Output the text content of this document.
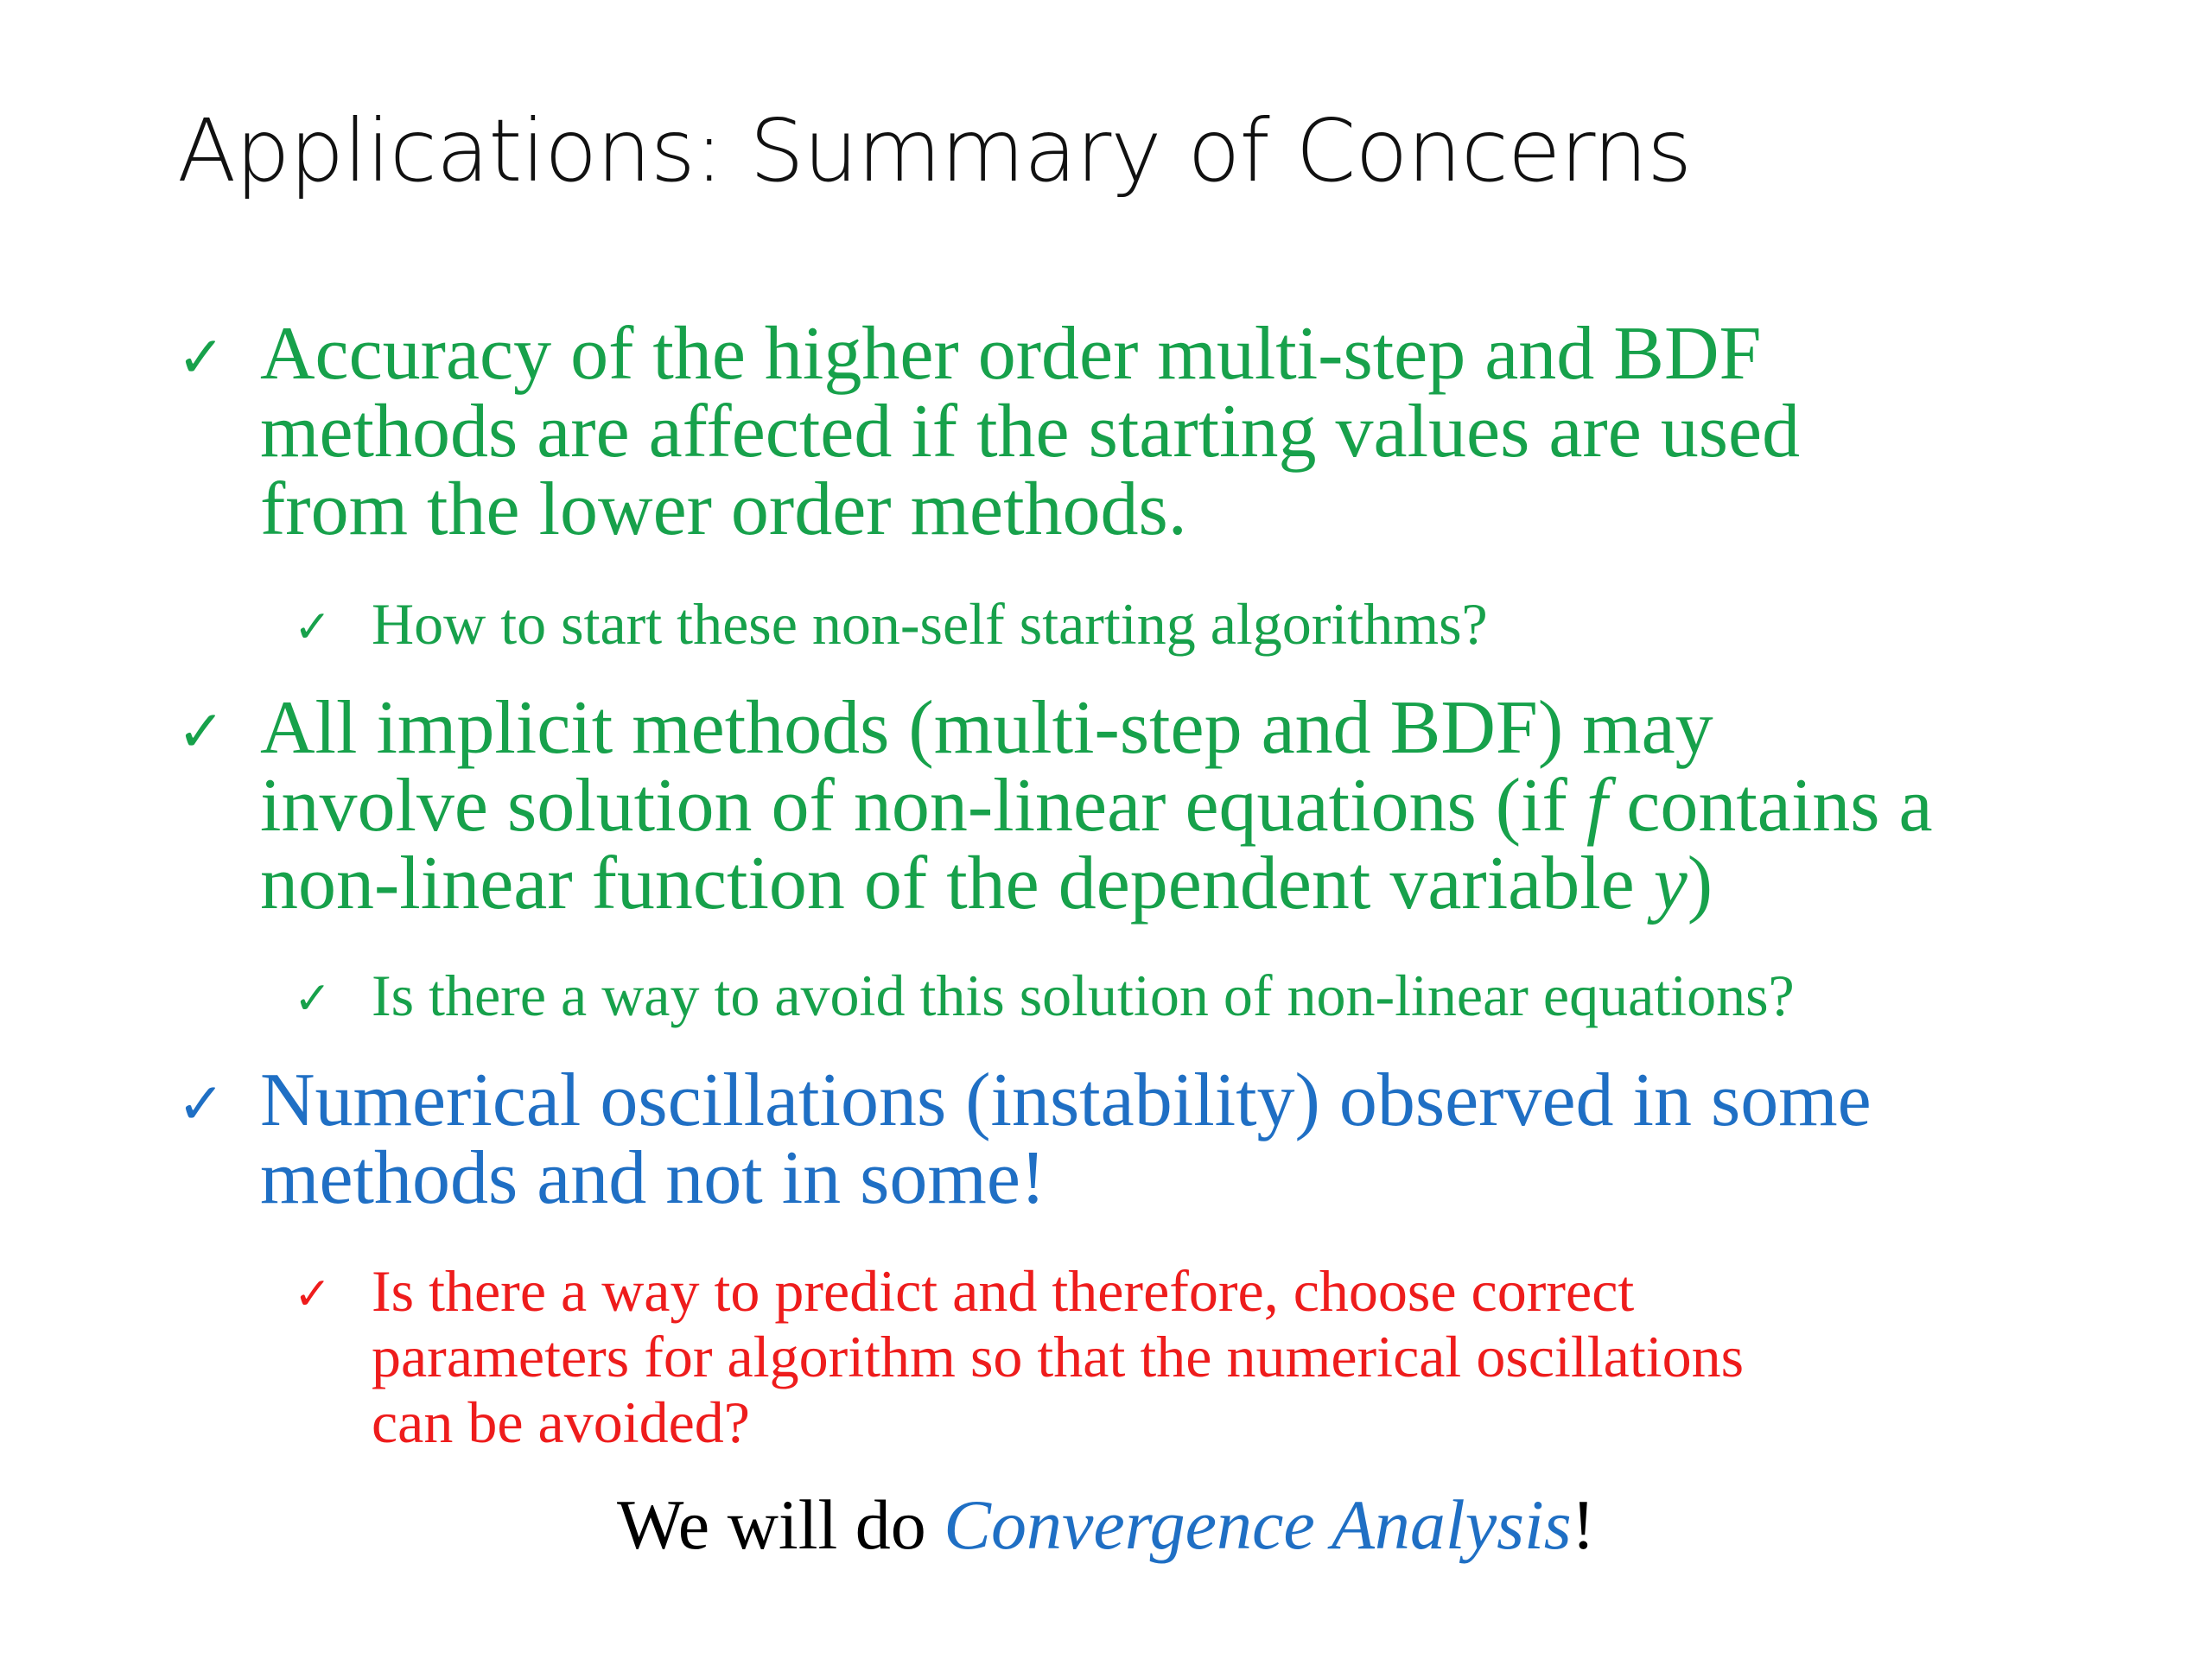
Applications: Summary of Concerns
✓ Accuracy of the higher order multi-step and BDF
methods are affected if the starting values are used
from the lower order methods.
✓ How to start these non-self starting algorithms?
✓ All implicit methods (multi-step and BDF) may
involve solution of non-linear equations (if f contains a
non-linear function of the dependent variable y)
✓ Is there a way to avoid this solution of non-linear equations?
✓ Numerical oscillations (instability) observed in some
methods and not in some!
✓ Is there a way to predict and therefore, choose correct
parameters for algorithm so that the numerical oscillations
can be avoided?
We will do Convergence Analysis!
